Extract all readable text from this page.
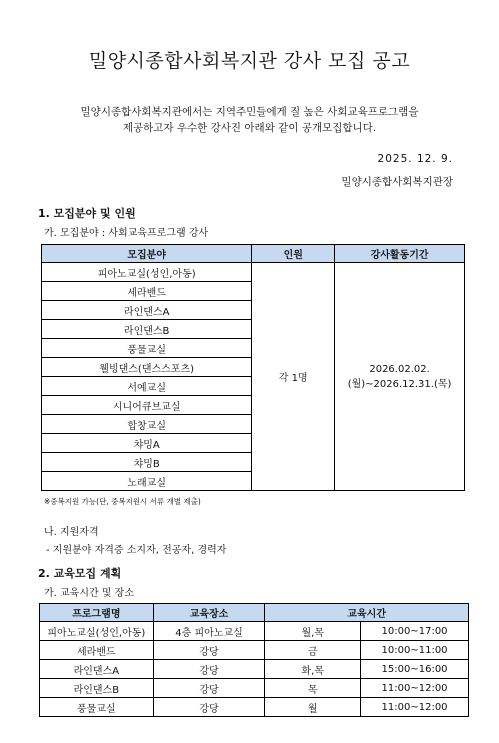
밀양시종합사회복지관 강사 모집 공고
밀양시종합사회복지관에서는 지역주민들에게 질 높은 사회교육프로그램을
제공하고자 우수한 강사진 아래와 같이 공개모집합니다.
2025. 12. 9.
밀양시종합사회복지관장
1. 모집분야 및 인원
가. 모집분야 : 사회교육프로그램 강사
모집분야	인원	강사활동기간
피아노교실(성인,아동)	각 1명	2026.02.02.(월)~2026.12.31.(목)
세라밴드		
라인댄스A		
라인댄스B		
풍물교실		
웰빙댄스(댄스스포츠)		
서예교실		
시니어큐브교실		
합창교실		
챠밍A		
챠밍B		
노래교실		
※중복지원 가능(단, 중복지원시 서류 개별 제출)
나. 지원자격
- 지원분야 자격증 소지자, 전공자, 경력자
2. 교육모집 계획
가. 교육시간 및 장소
프로그램명	교육장소	교육시간	
피아노교실(성인,아동)	4층 피아노교실	월,목	10:00~17:00
세라밴드	강당	금	10:00~11:00
라인댄스A	강당	화,목	15:00~16:00
라인댄스B	강당	목	11:00~12:00
풍물교실	강당	월	11:00~12:00
